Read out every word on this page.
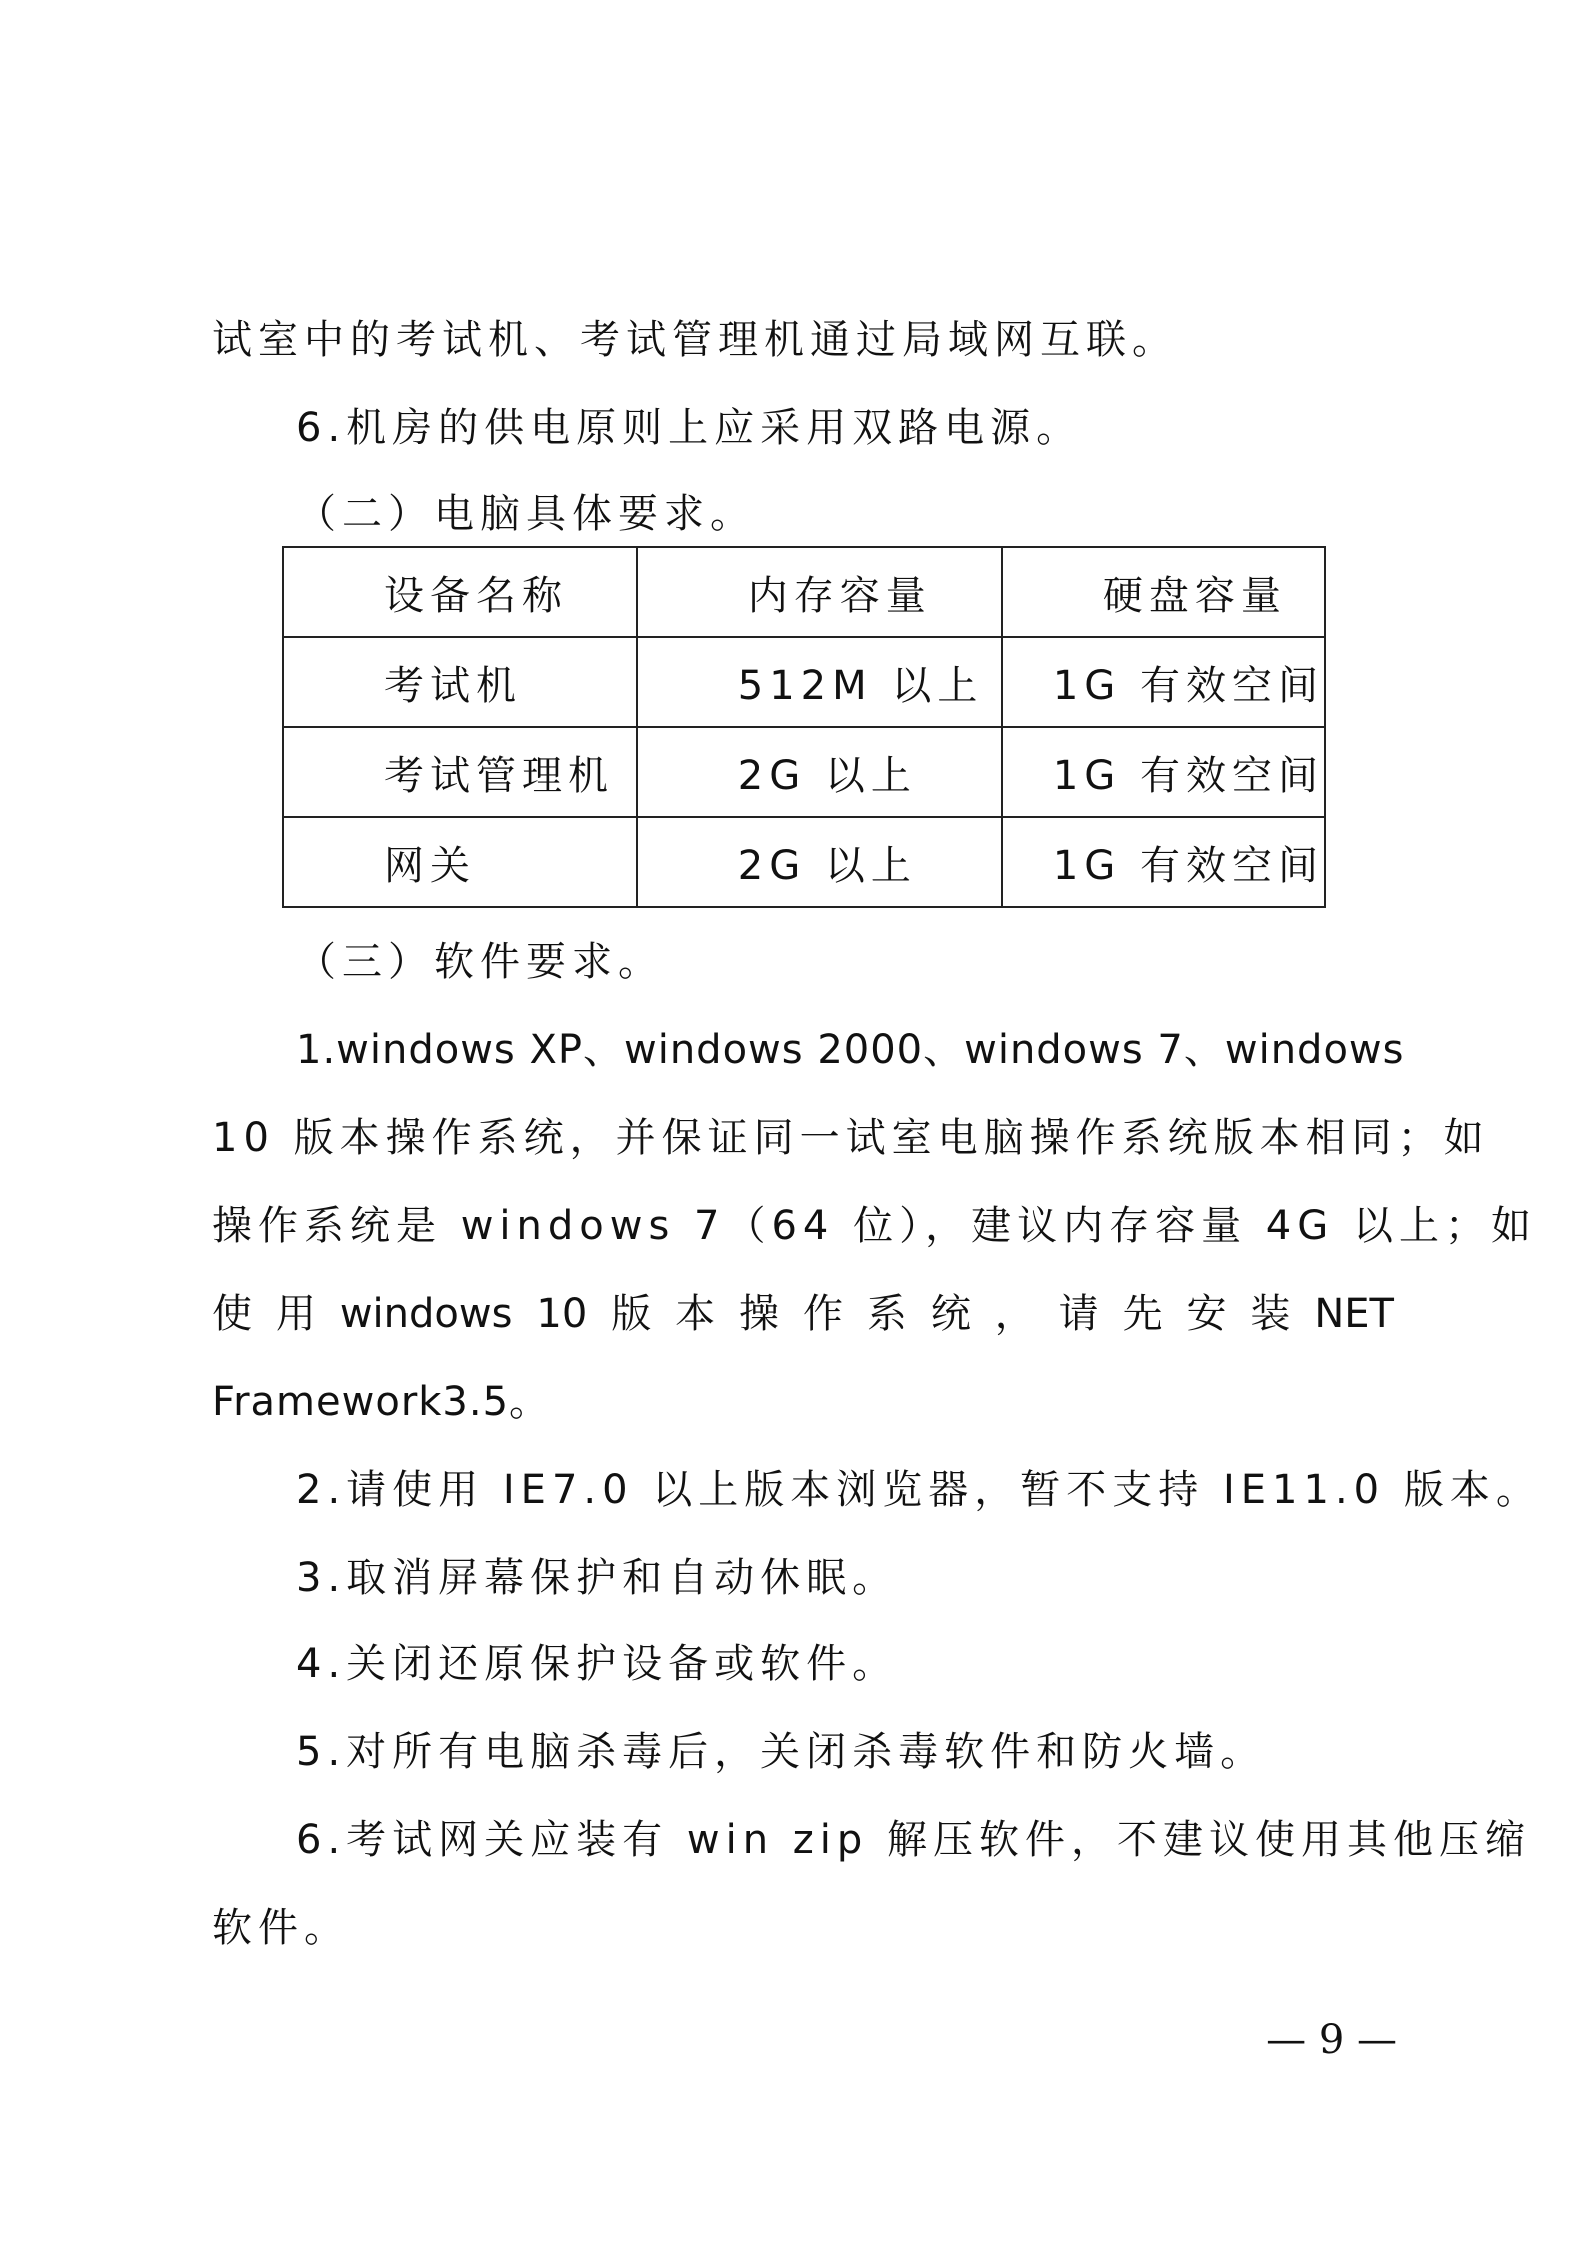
试室中的考试机、考试管理机通过局域网互联。
6.机房的供电原则上应采用双路电源。
（二）电脑具体要求。
设备名称	内存容量	硬盘容量
考试机	512M 以上	1G 有效空间
考试管理机	2G 以上	1G 有效空间
网关	2G 以上	1G 有效空间
（三）软件要求。
1.windows XP、windows 2000、windows 7、windows
10 版本操作系统，并保证同一试室电脑操作系统版本相同；如
操作系统是 windows 7（64 位），建议内存容量 4G 以上；如
使 用 windows 10 版 本 操 作 系 统 ， 请 先 安 装 NET
Framework3.5。
2.请使用 IE7.0 以上版本浏览器，暂不支持 IE11.0 版本。
3.取消屏幕保护和自动休眠。
4.关闭还原保护设备或软件。
5.对所有电脑杀毒后，关闭杀毒软件和防火墙。
6.考试网关应装有 win zip 解压软件，不建议使用其他压缩
软件。
— 9 —
